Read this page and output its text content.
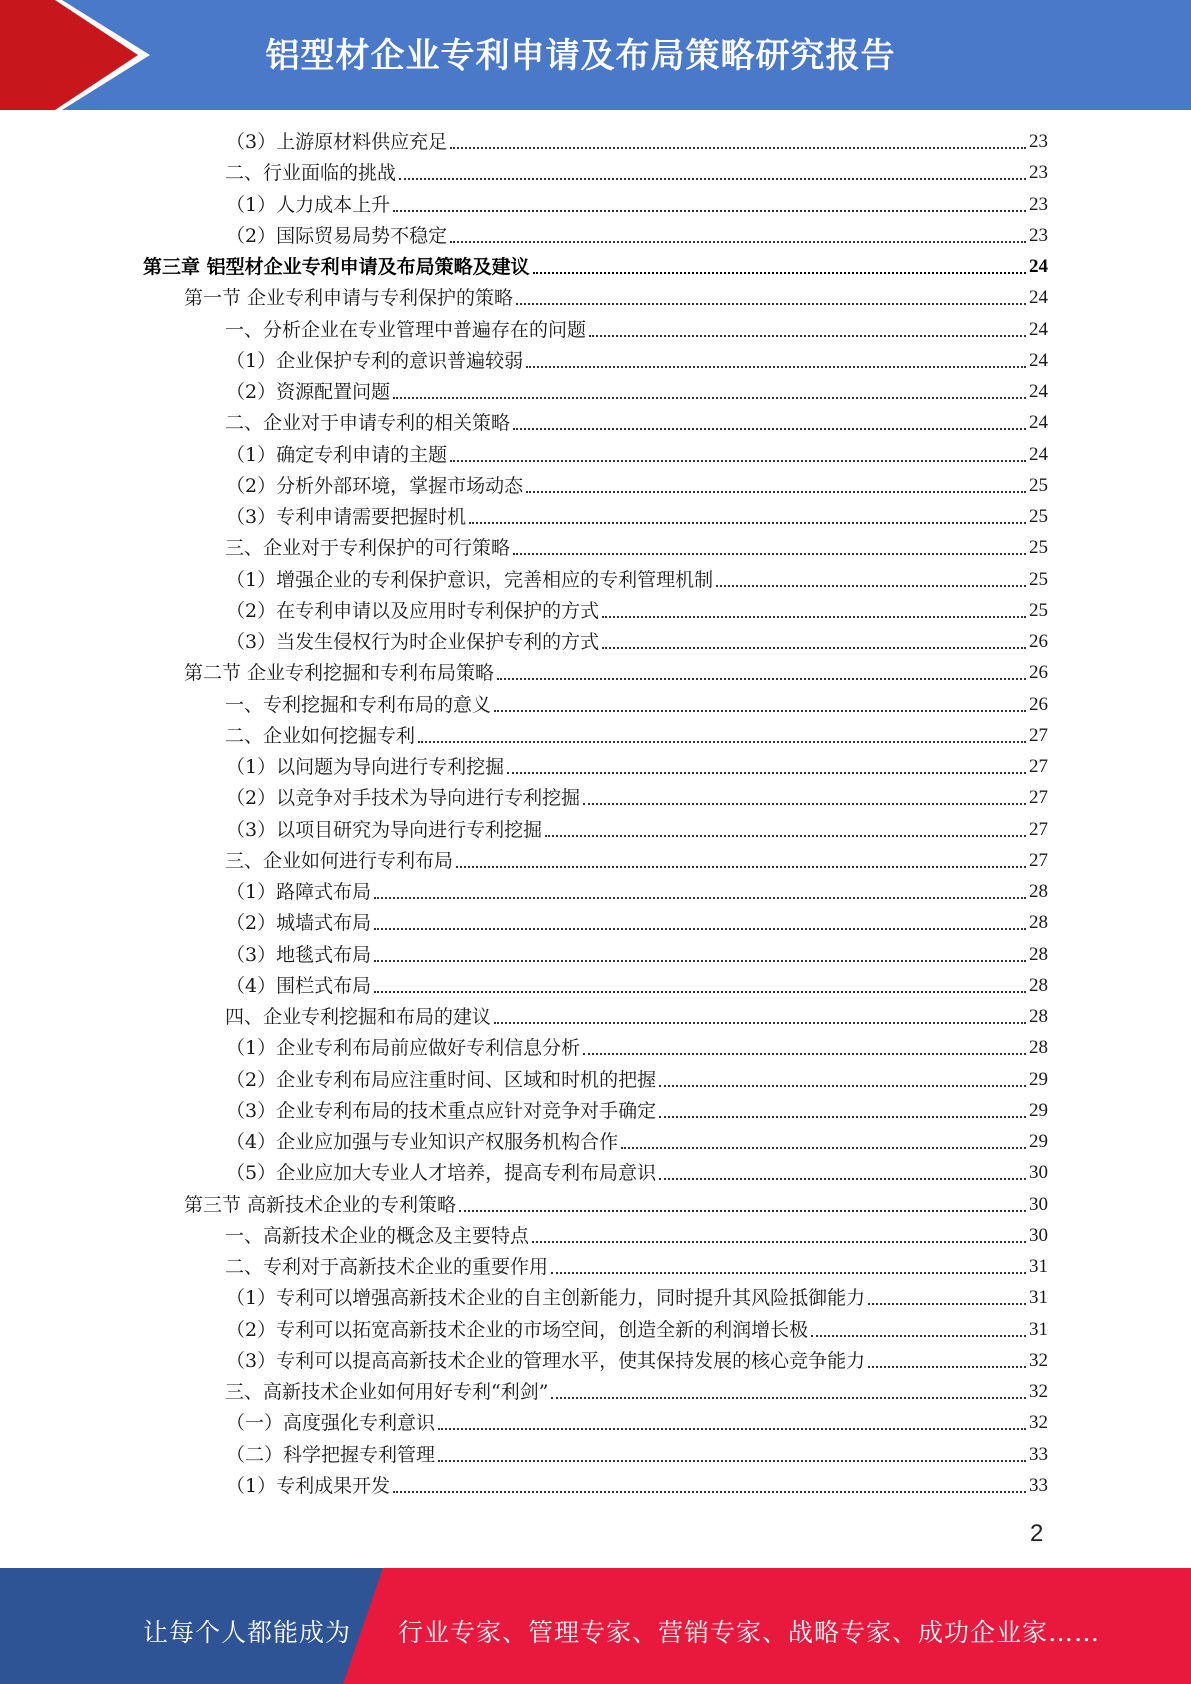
铝型材企业专利申请及布局策略研究报告
（3）上游原材料供应充足	23
二、行业面临的挑战	23
（1）人力成本上升	23
（2）国际贸易局势不稳定	23
第三章 铝型材企业专利申请及布局策略及建议	24
第一节 企业专利申请与专利保护的策略	24
一、分析企业在专业管理中普遍存在的问题	24
（1）企业保护专利的意识普遍较弱	24
（2）资源配置问题	24
二、企业对于申请专利的相关策略	24
（1）确定专利申请的主题	24
（2）分析外部环境，掌握市场动态	25
（3）专利申请需要把握时机	25
三、企业对于专利保护的可行策略	25
（1）增强企业的专利保护意识，完善相应的专利管理机制	25
（2）在专利申请以及应用时专利保护的方式	25
（3）当发生侵权行为时企业保护专利的方式	26
第二节 企业专利挖掘和专利布局策略	26
一、专利挖掘和专利布局的意义	26
二、企业如何挖掘专利	27
（1）以问题为导向进行专利挖掘	27
（2）以竞争对手技术为导向进行专利挖掘	27
（3）以项目研究为导向进行专利挖掘	27
三、企业如何进行专利布局	27
（1）路障式布局	28
（2）城墙式布局	28
（3）地毯式布局	28
（4）围栏式布局	28
四、企业专利挖掘和布局的建议	28
（1）企业专利布局前应做好专利信息分析	28
（2）企业专利布局应注重时间、区域和时机的把握	29
（3）企业专利布局的技术重点应针对竞争对手确定	29
（4）企业应加强与专业知识产权服务机构合作	29
（5）企业应加大专业人才培养，提高专利布局意识	30
第三节 高新技术企业的专利策略	30
一、高新技术企业的概念及主要特点	30
二、专利对于高新技术企业的重要作用	31
（1）专利可以增强高新技术企业的自主创新能力，同时提升其风险抵御能力	31
（2）专利可以拓宽高新技术企业的市场空间，创造全新的利润增长极	31
（3）专利可以提高高新技术企业的管理水平，使其保持发展的核心竞争能力	32
三、高新技术企业如何用好专利“利剑”	32
（一）高度强化专利意识	32
（二）科学把握专利管理	33
（1）专利成果开发	33
2
让每个人都能成为 行业专家、管理专家、营销专家、战略专家、成功企业家……
